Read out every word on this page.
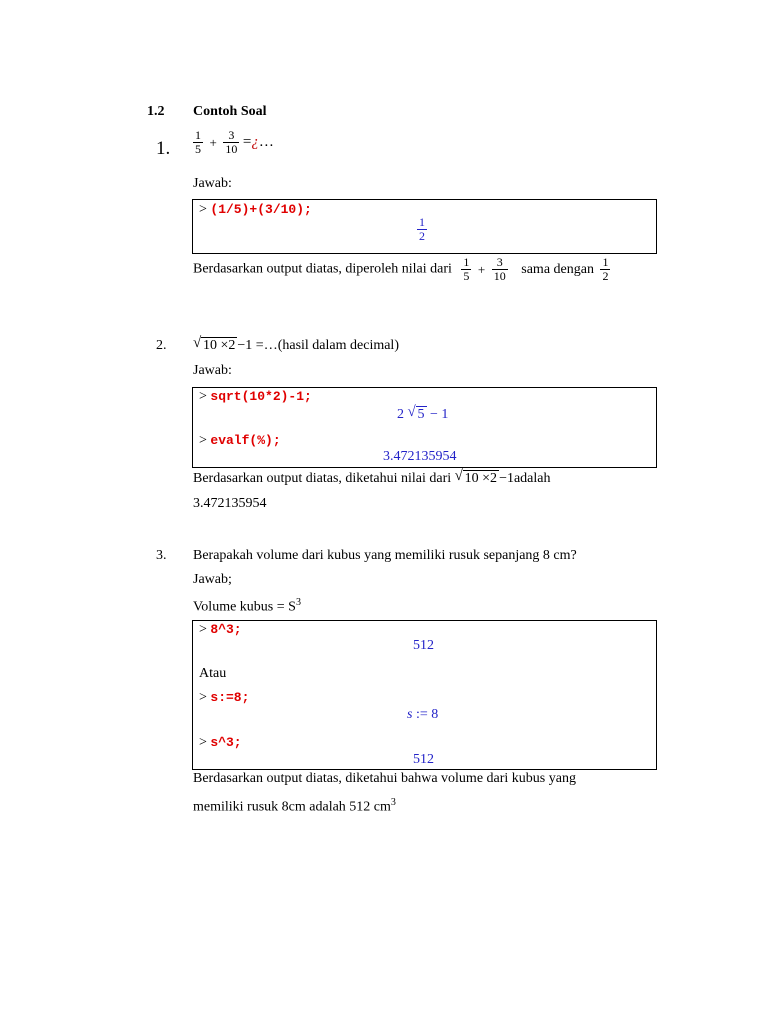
1.2 Contoh Soal
1. $\frac{1}{5} + \frac{3}{10}$ =¿…
Jawab:
> (1/5)+(3/10);
$\frac{1}{2}$
Berdasarkan output diatas, diperoleh nilai dari $\frac{1}{5} + \frac{3}{10}$ sama dengan $\frac{1}{2}$
2. √ 10 ×2 −1 =…(hasil dalam decimal)
Jawab:
> sqrt(10*2)-1;
2 √ 5 − 1
> evalf(%);
3.472135954
Berdasarkan output diatas, diketahui nilai dari √ 10 ×2 −1adalah
3.472135954
3. Berapakah volume dari kubus yang memiliki rusuk sepanjang 8 cm?
Jawab;
Volume kubus = $S^3$
> 8^3;
512
Atau
> s:=8;
s := 8
> s^3;
512
Berdasarkan output diatas, diketahui bahwa volume dari kubus yang
memiliki rusuk 8cm adalah 512 $cm^3$
